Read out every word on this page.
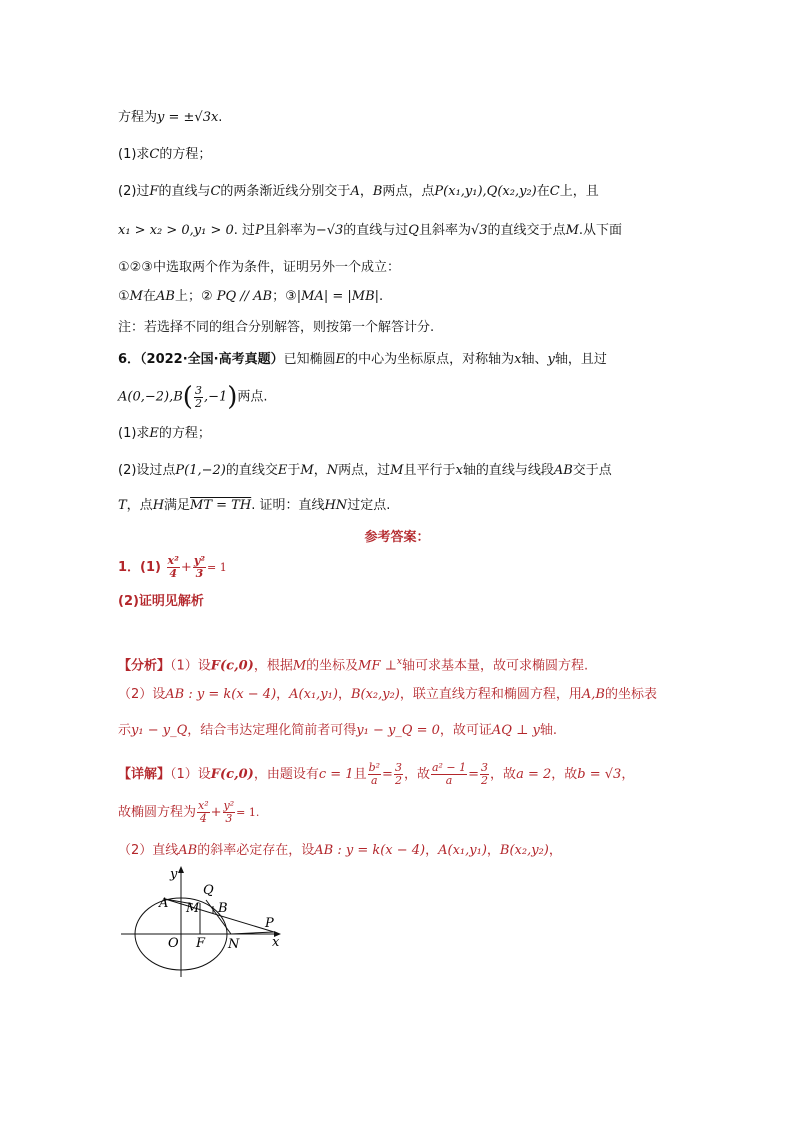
方程为y = ±√3x.
(1)求C的方程；
(2)过F的直线与C的两条渐近线分别交于A，B两点，点P(x₁,y₁),Q(x₂,y₂)在C上，且
x₁ > x₂ > 0,y₁ > 0. 过P且斜率为−√3的直线与过Q且斜率为√3的直线交于点M.从下面
①②③中选取两个作为条件，证明另外一个成立：
①M在AB上；② PQ // AB；③|MA| = |MB|.
注：若选择不同的组合分别解答，则按第一个解答计分.
6．（2022·全国·高考真题）已知椭圆E的中心为坐标原点，对称轴为x轴、y轴，且过
$A(0,-2),B( \frac{3}{2} ,-1)$两点.
(1)求E的方程；
(2)设过点P(1,−2)的直线交E于M，N两点，过M且平行于x轴的直线与线段AB交于点
T，点H满足MT = TH. 证明：直线HN过定点.
参考答案：
1．$(1) \frac{\text{x²}}{4} + \frac{\text{y²}}{3} = 1$
(2)证明见解析
【分析】（1）设F(c,0)，根据M的坐标及MF ⊥$^x$轴可求基本量，故可求椭圆方程.
（2）设AB : y = k(x − 4)，A(x₁,y₁)，B(x₂,y₂)，联立直线方程和椭圆方程，用A,B的坐标表
示y₁ − y_Q，结合韦达定理化简前者可得y₁ − y_Q = 0，故可证AQ ⊥ y轴.
【详解】（1）设F(c,0)，由题设有c = 1且 $\frac{\text{b²}}{a} = \frac{3}{2}$ ，故 $\frac{\text{a² − 1}}{a} = \frac{3}{2}$ ，故a = 2，故b = √3，
故椭圆方程为 $\frac{\text{x²}}{4} + \frac{\text{y²}}{3} = 1$.
（2）直线AB的斜率必定存在，设AB : y = k(x − 4)，A(x₁,y₁)，B(x₂,y₂)，
y
x
O F N
P
A M
Q
B
